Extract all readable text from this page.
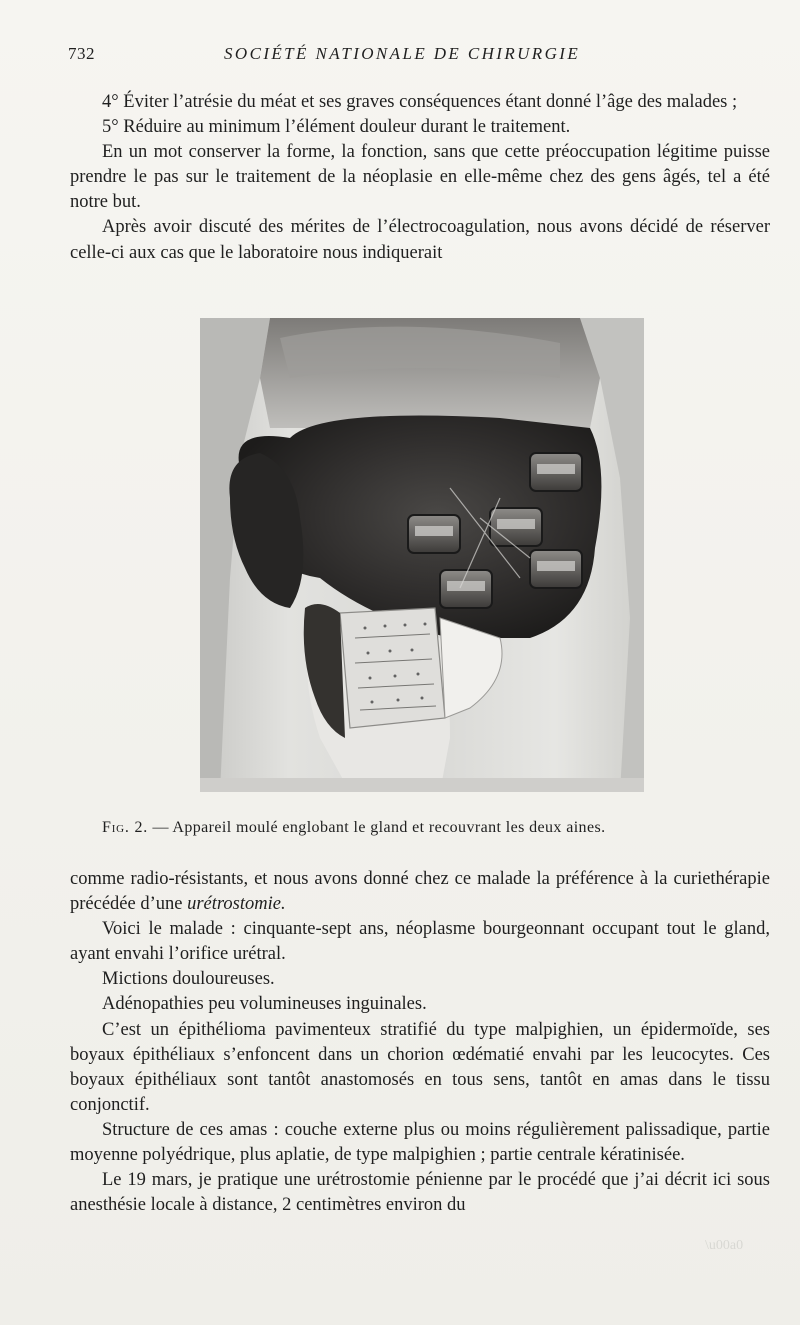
\u00a0
732	SOCIÉTÉ NATIONALE DE CHIRURGIE

4° Éviter l’atrésie du méat et ses graves conséquences étant donné l’âge des malades ;

5° Réduire au minimum l’élément douleur durant le traitement.

En un mot conserver la forme, la fonction, sans que cette préoccupation légitime puisse prendre le pas sur le traitement de la néoplasie en elle-même chez des gens âgés, tel a été notre but.

Après avoir discuté des mérites de l’électrocoagulation, nous avons décidé de réserver celle-ci aux cas que le laboratoire nous indiquerait

Fig. 2. — Appareil moulé englobant le gland et recouvrant les deux aines.

comme radio-résistants, et nous avons donné chez ce malade la préférence à la curiethérapie précédée d’une urétrostomie.

Voici le malade : cinquante-sept ans, néoplasme bourgeonnant occupant tout le gland, ayant envahi l’orifice urétral.

Mictions douloureuses.

Adénopathies peu volumineuses inguinales.

C’est un épithélioma pavimenteux stratifié du type malpighien, un épidermoïde, ses boyaux épithéliaux s’enfoncent dans un chorion œdématié envahi par les leucocytes. Ces boyaux épithéliaux sont tantôt anastomosés en tous sens, tantôt en amas dans le tissu conjonctif.

Structure de ces amas : couche externe plus ou moins régulièrement palissadique, partie moyenne polyédrique, plus aplatie, de type malpighien ; partie centrale kératinisée.

Le 19 mars, je pratique une urétrostomie pénienne par le procédé que j’ai décrit ici sous anesthésie locale à distance, 2 centimètres environ du
